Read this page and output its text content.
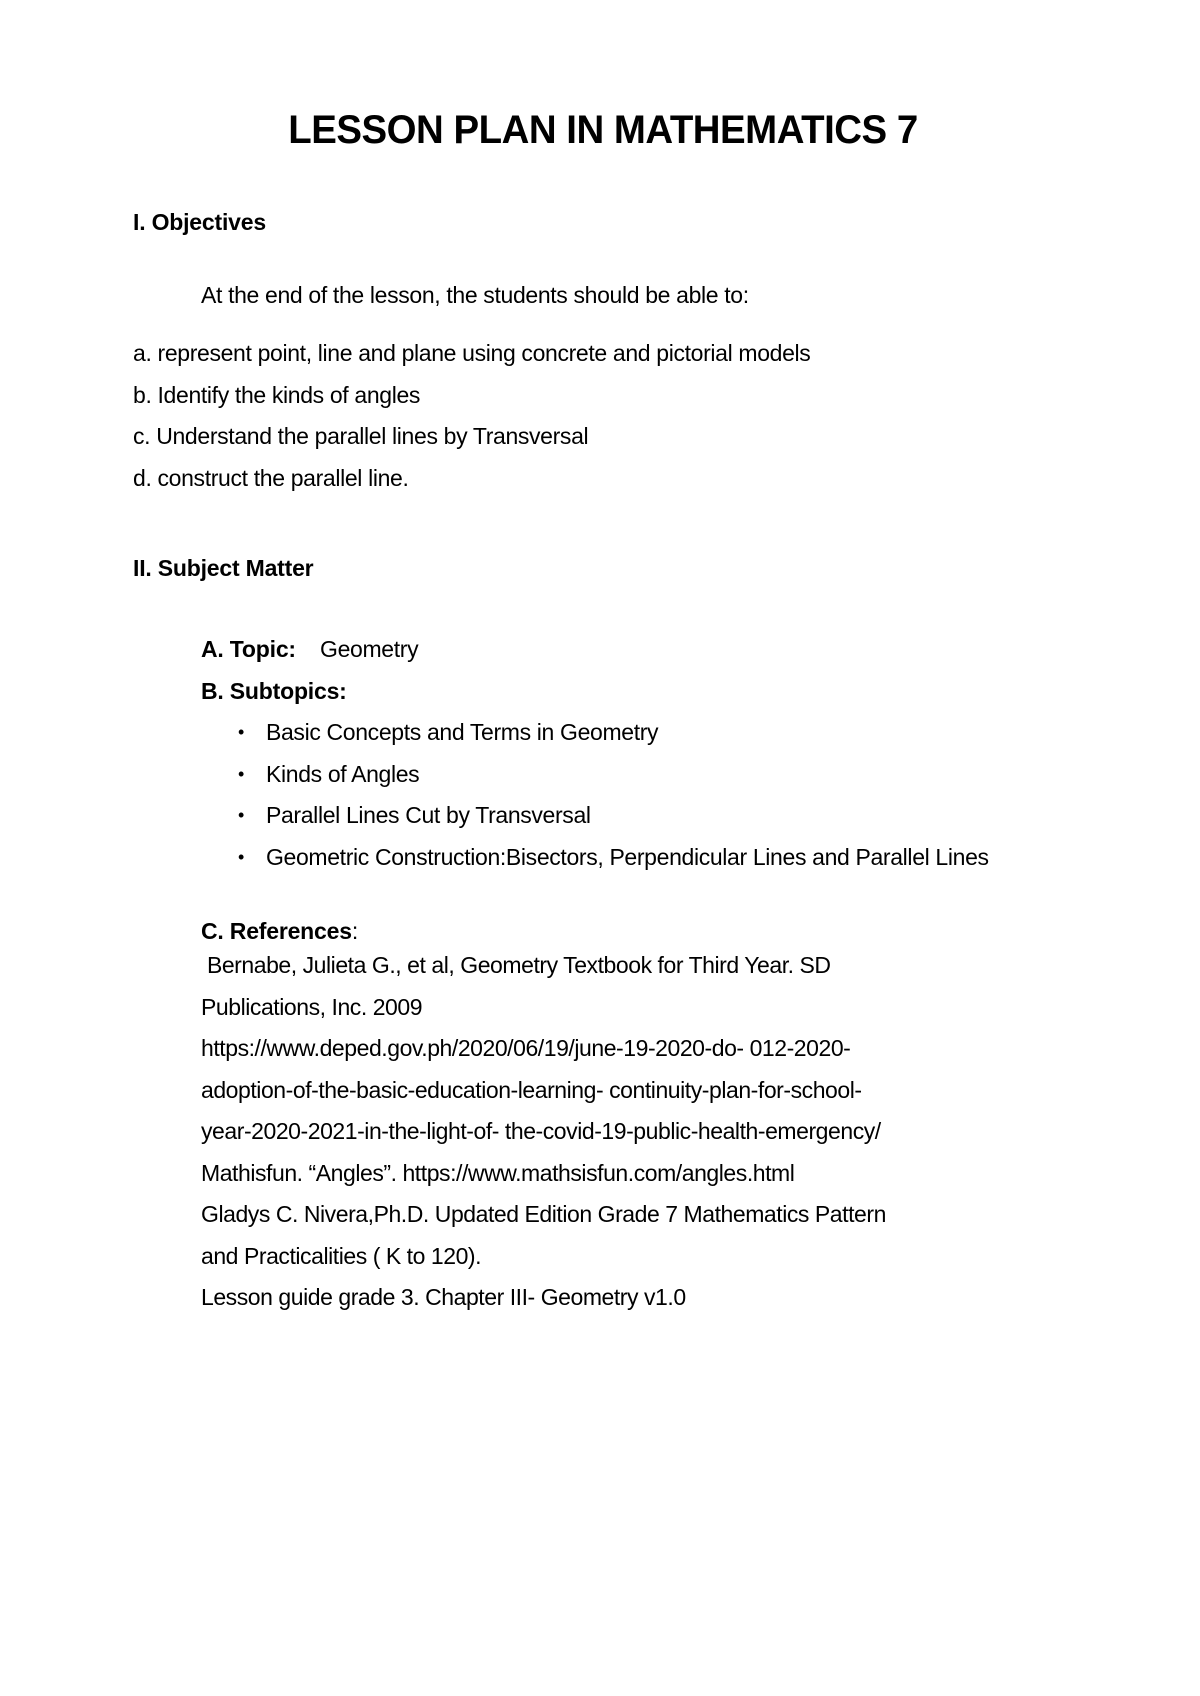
LESSON PLAN IN MATHEMATICS 7
I. Objectives
At the end of the lesson, the students should be able to:
a. represent point, line and plane using concrete and pictorial models
b. Identify the kinds of angles
c. Understand the parallel lines by Transversal
d. construct the parallel line.
II. Subject Matter
A. Topic: Geometry
B. Subtopics:
• Basic Concepts and Terms in Geometry
• Kinds of Angles
• Parallel Lines Cut by Transversal
• Geometric Construction:Bisectors, Perpendicular Lines and Parallel Lines
C. References:
Bernabe, Julieta G., et al, Geometry Textbook for Third Year. SD
Publications, Inc. 2009
https://www.deped.gov.ph/2020/06/19/june-19-2020-do- 012-2020-
adoption-of-the-basic-education-learning- continuity-plan-for-school-
year-2020-2021-in-the-light-of- the-covid-19-public-health-emergency/
Mathisfun. “Angles”. https://www.mathsisfun.com/angles.html
Gladys C. Nivera,Ph.D. Updated Edition Grade 7 Mathematics Pattern
and Practicalities ( K to 120).
Lesson guide grade 3. Chapter III- Geometry v1.0
